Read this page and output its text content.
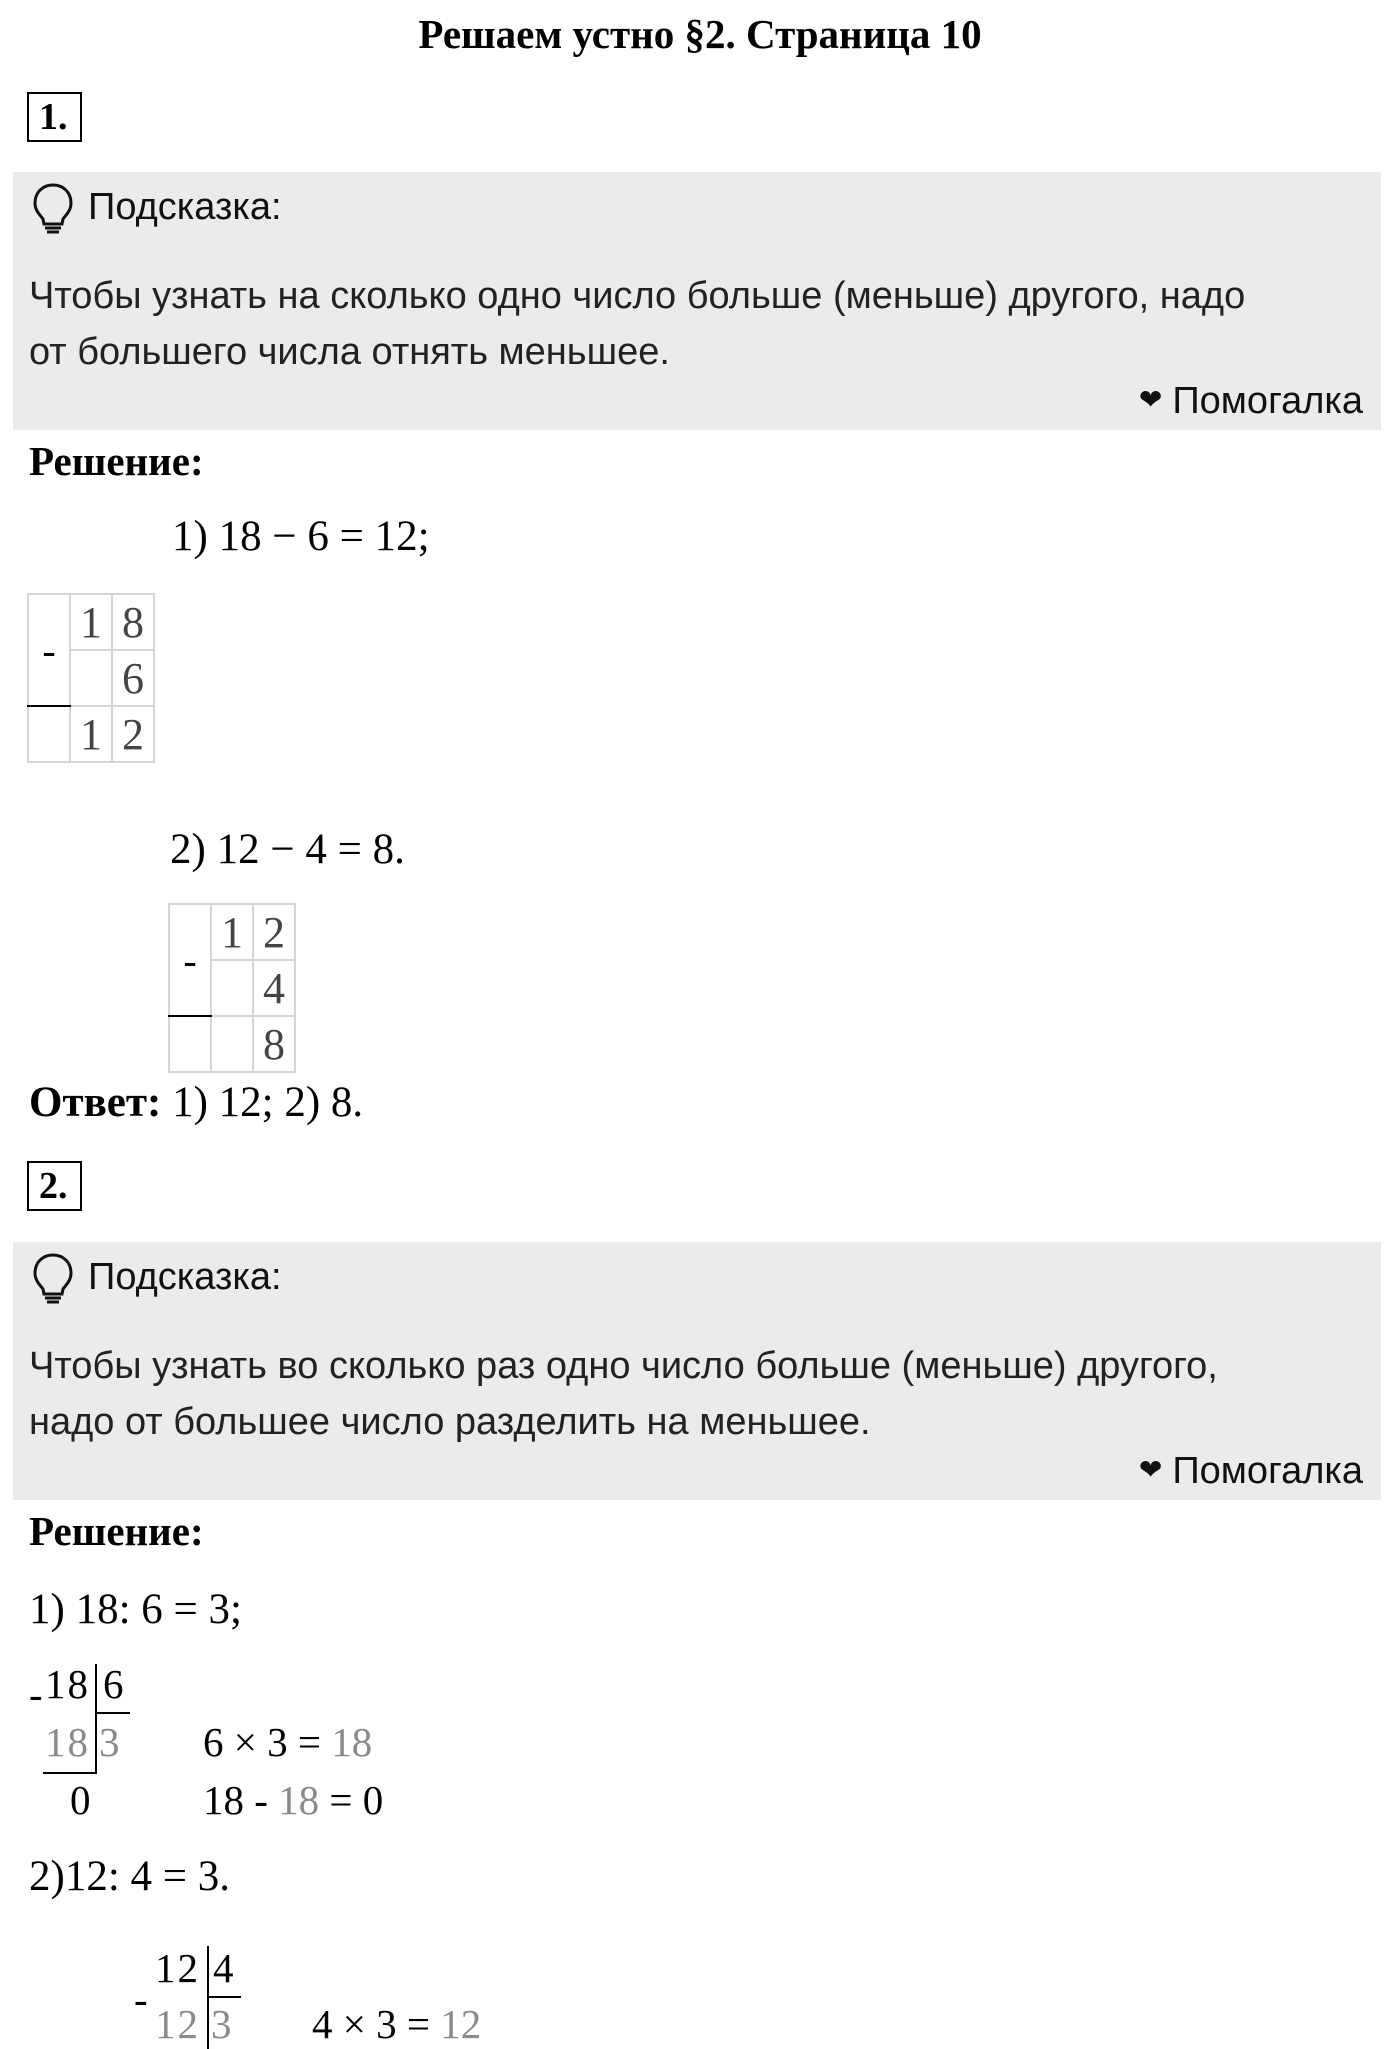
Решаем устно §2. Страница 10
1.
Подсказка:
Чтобы узнать на сколько одно число больше (меньше) другого, надо
от большего числа отнять меньшее.
❤ Помогалка
Решение:
1) 18 − 6 = 12;
-	1	8
		6
	1	2
2) 12 − 4 = 8.
-	1	2
		4
		8
Ответ: 1) 12; 2) 8.
2.
Подсказка:
Чтобы узнать во сколько раз одно число больше (меньше) другого,
надо от большее число разделить на меньшее.
❤ Помогалка
Решение:
1) 18: 6 = 3;
- 18 6
18 3
0
6 × 3 = 18
18 - 18 = 0
2)12: 4 = 3.
-
12 4
12 3 4 × 3 = 12
